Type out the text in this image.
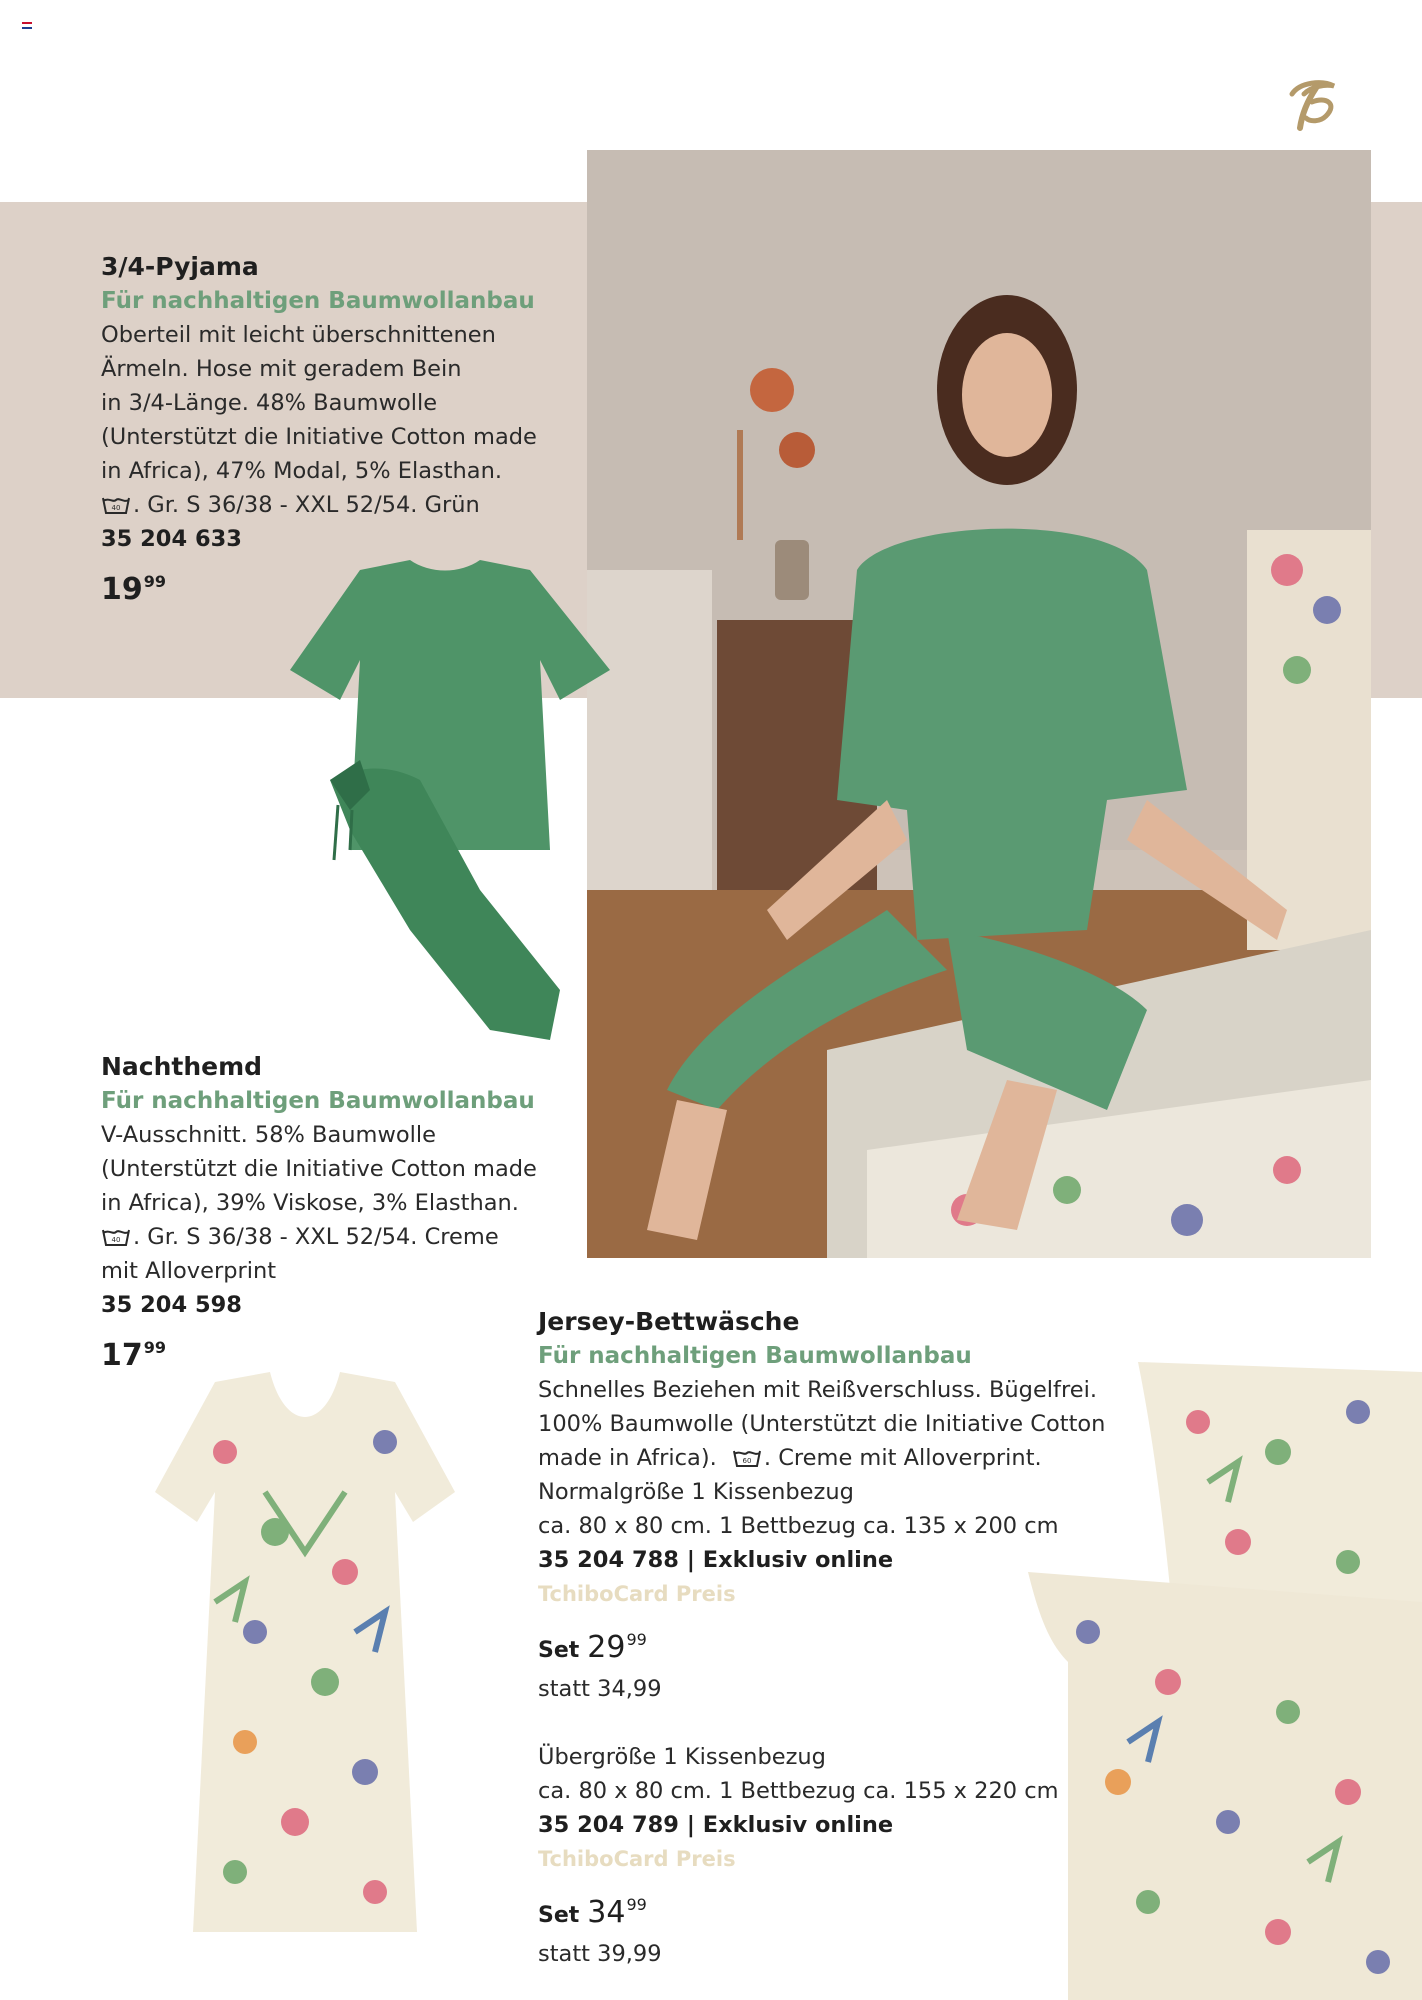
3/4-Pyjama
Für nachhaltigen Baumwollanbau
Oberteil mit leicht überschnittenen
Ärmeln. Hose mit geradem Bein
in 3/4-Länge. 48% Baumwolle
(Unterstützt die Initiative Cotton made
in Africa), 47% Modal, 5% Elasthan.
40 . Gr. S 36/38 - XXL 52/54. Grün
35 204 633
$19^{99}$
Nachthemd
Für nachhaltigen Baumwollanbau
V-Ausschnitt. 58% Baumwolle
(Unterstützt die Initiative Cotton made
in Africa), 39% Viskose, 3% Elasthan.
40 . Gr. S 36/38 - XXL 52/54. Creme
mit Alloverprint
35 204 598
$17^{99}$
Jersey-Bettwäsche
Für nachhaltigen Baumwollanbau
Schnelles Beziehen mit Reißverschluss. Bügelfrei.
100% Baumwolle (Unterstützt die Initiative Cotton
made in Africa).	60 . Creme mit Alloverprint.
Normalgröße 1 Kissenbezug
ca. 80 x 80 cm. 1 Bettbezug ca. 135 x 200 cm
35 204 788 | Exklusiv online
TchiboCard Preis
Set $29^{99}$
statt 34,99
Übergröße 1 Kissenbezug
ca. 80 x 80 cm. 1 Bettbezug ca. 155 x 220 cm
35 204 789 | Exklusiv online
TchiboCard Preis
Set $34^{99}$
statt 39,99
